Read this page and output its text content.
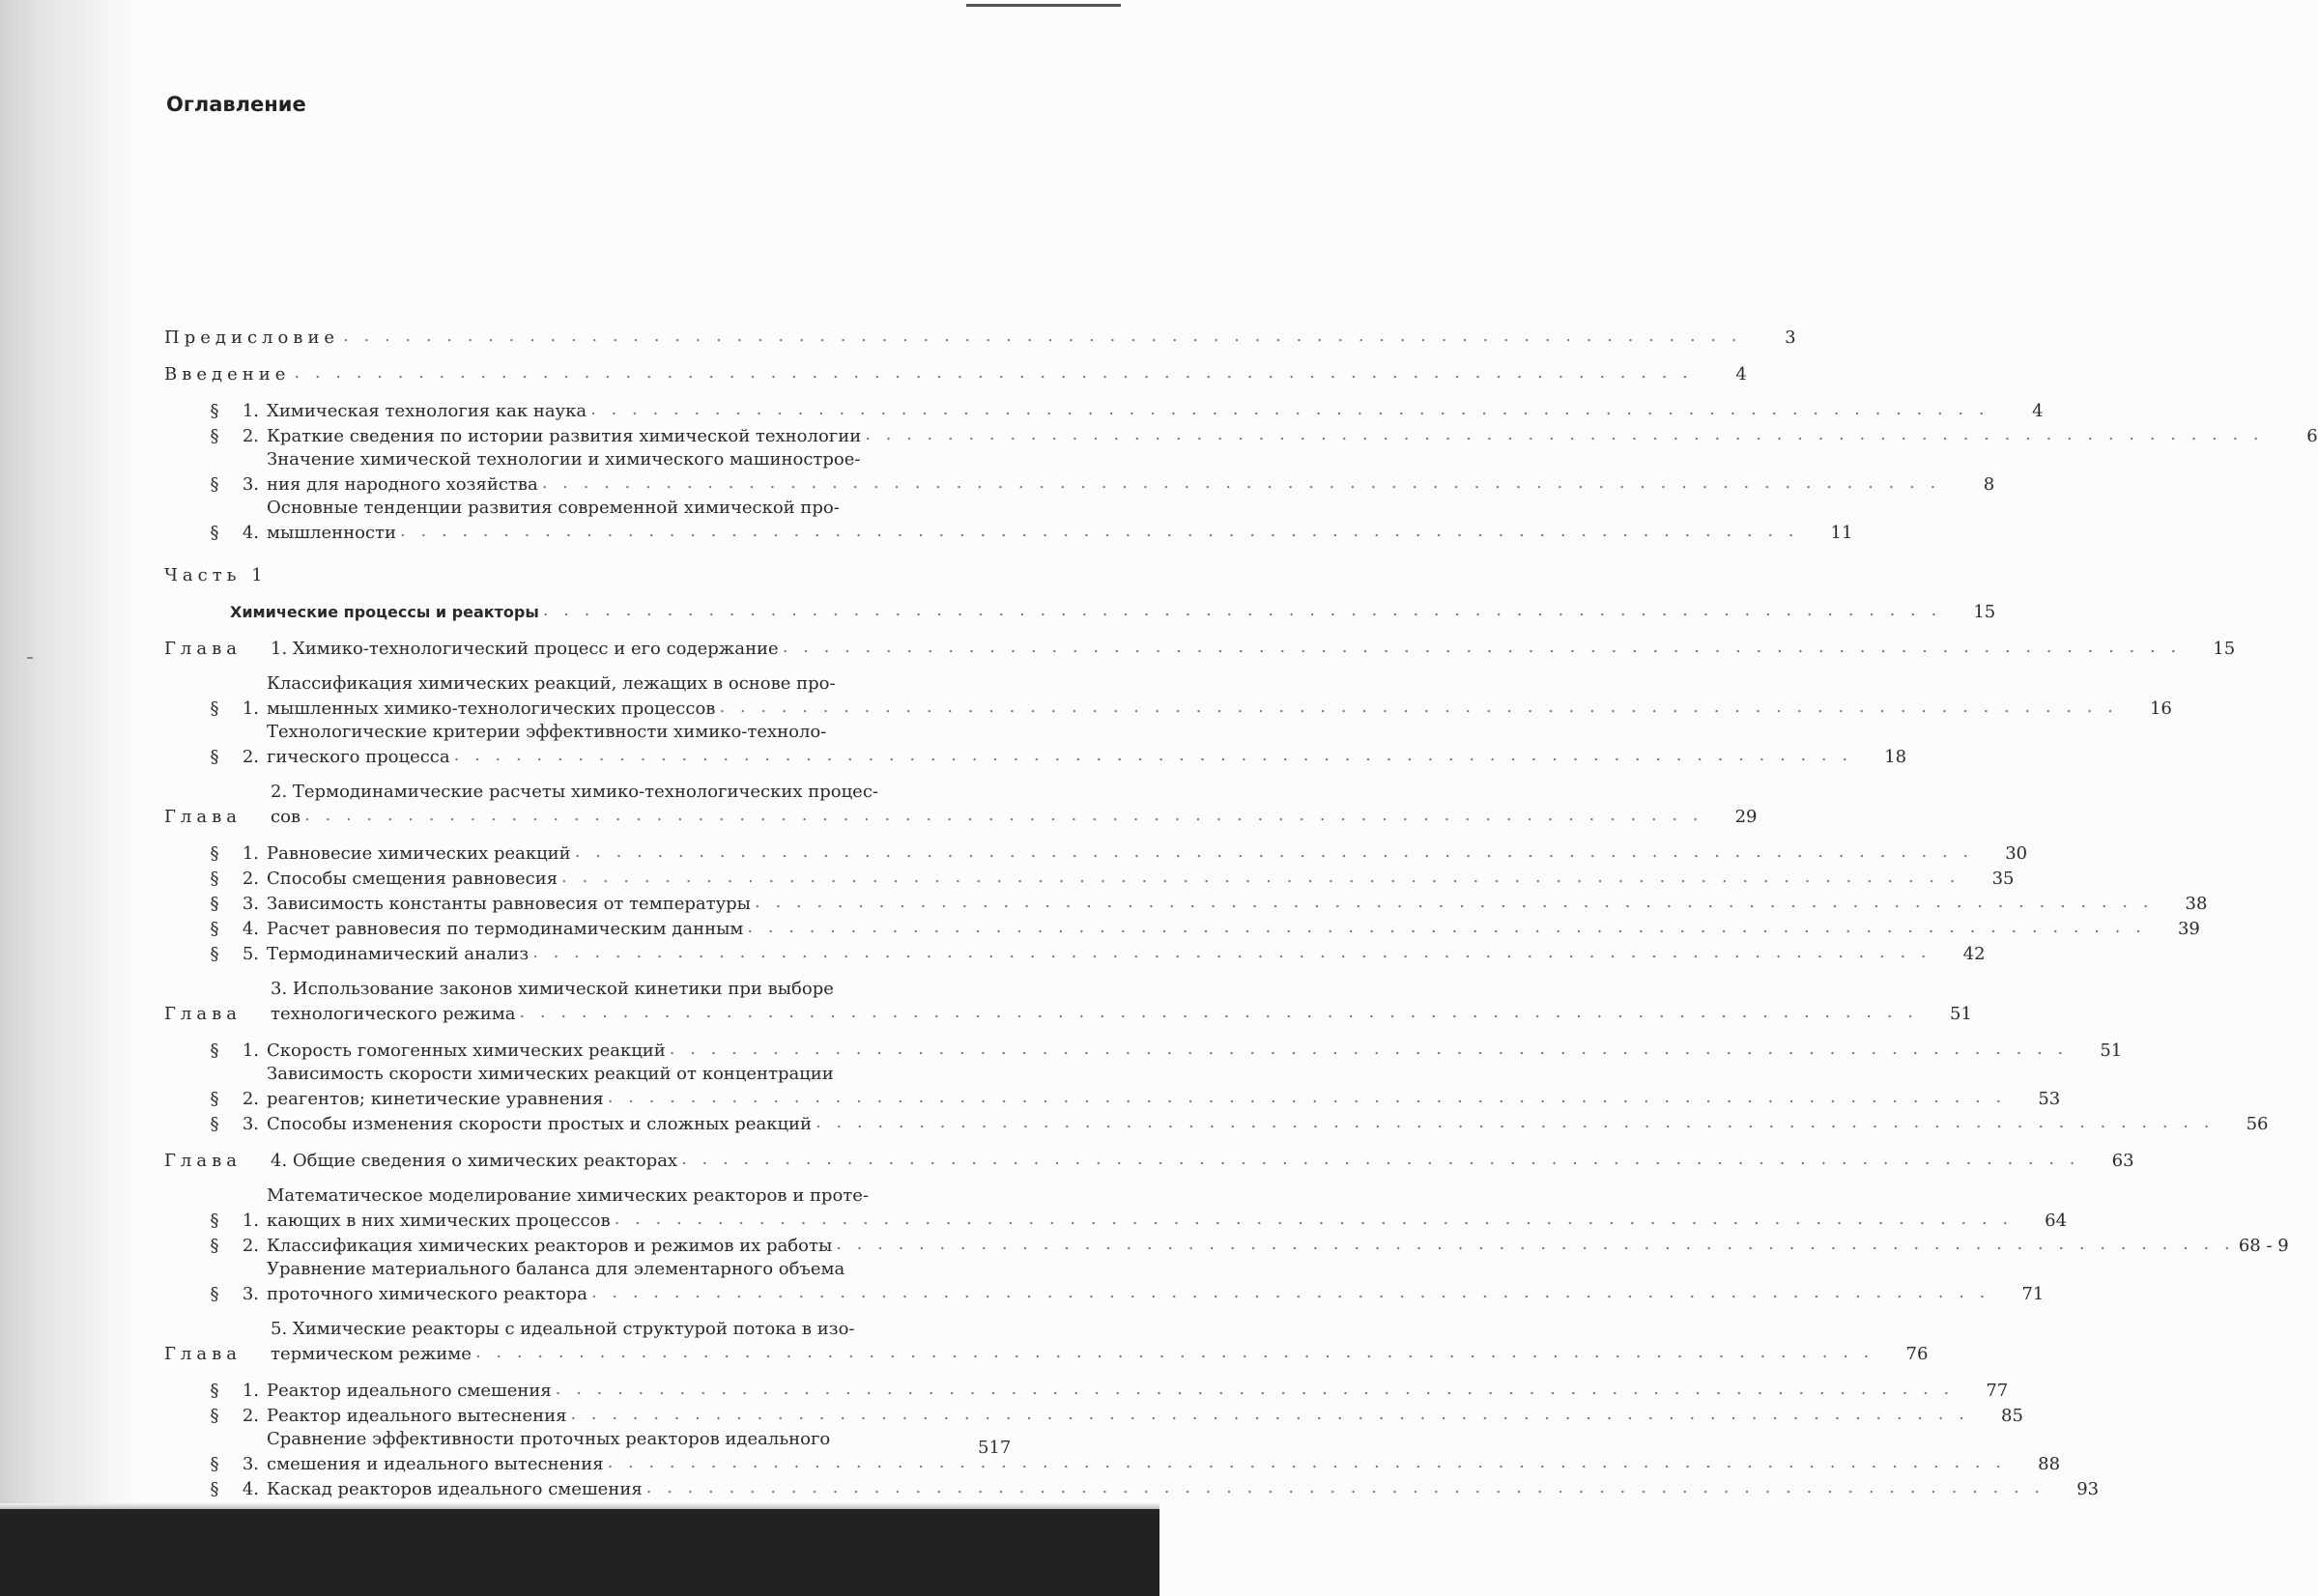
Оглавление
Предисловие . . . . . . . . . . . . . . . . . . . . . . . . . . . . . . . . . . . . . . . . . . . . . . . . . . . . . . . . . . . . . . . . . . . .	3
Введение . . . . . . . . . . . . . . . . . . . . . . . . . . . . . . . . . . . . . . . . . . . . . . . . . . . . . . . . . . . . . . . . . . . .	4
§	1. Химическая технология как наука . . . . . . . . . . . . . . . . . . . . . . . . . . . . . . . . . . . . . . . . . . . . . . . . . . . . . . . . . . . . . . . . . . . .	4
§	2. Краткие сведения по истории развития химической технологии . . . . . . . . . . . . . . . . . . . . . . . . . . . . . . . . . . . . . . . . . . . . . . . . . . . . . . . . . . . . . . . . . . . .	6
§	3.
Значение химической технологии и химического машинострое-
ния для народного хозяйства . . . . . . . . . . . . . . . . . . . . . . . . . . . . . . . . . . . . . . . . . . . . . . . . . . . . . . . . . . . . . . . . . . . .	8
§	4.
Основные тенденции развития современной химической про-
мышленности . . . . . . . . . . . . . . . . . . . . . . . . . . . . . . . . . . . . . . . . . . . . . . . . . . . . . . . . . . . . . . . . . . . .	11
Часть 1
Химические процессы и реакторы . . . . . . . . . . . . . . . . . . . . . . . . . . . . . . . . . . . . . . . . . . . . . . . . . . . . . . . . . . . . . . . . . . . .	15
Глава	1. Химико-технологический процесс и его содержание . . . . . . . . . . . . . . . . . . . . . . . . . . . . . . . . . . . . . . . . . . . . . . . . . . . . . . . . . . . . . . . . . . . .	15
§	1.
Классификация химических реакций, лежащих в основе про-
мышленных химико-технологических процессов . . . . . . . . . . . . . . . . . . . . . . . . . . . . . . . . . . . . . . . . . . . . . . . . . . . . . . . . . . . . . . . . . . . .	16
§	2.
Технологические критерии эффективности химико-техноло-
гического процесса . . . . . . . . . . . . . . . . . . . . . . . . . . . . . . . . . . . . . . . . . . . . . . . . . . . . . . . . . . . . . . . . . . . .	18
Глава
2. Термодинамические расчеты химико-технологических процес-
сов . . . . . . . . . . . . . . . . . . . . . . . . . . . . . . . . . . . . . . . . . . . . . . . . . . . . . . . . . . . . . . . . . . . .	29
§	1. Равновесие химических реакций . . . . . . . . . . . . . . . . . . . . . . . . . . . . . . . . . . . . . . . . . . . . . . . . . . . . . . . . . . . . . . . . . . . .	30
§	2. Способы смещения равновесия . . . . . . . . . . . . . . . . . . . . . . . . . . . . . . . . . . . . . . . . . . . . . . . . . . . . . . . . . . . . . . . . . . . .	35
§	3. Зависимость константы равновесия от температуры . . . . . . . . . . . . . . . . . . . . . . . . . . . . . . . . . . . . . . . . . . . . . . . . . . . . . . . . . . . . . . . . . . . .	38
§	4. Расчет равновесия по термодинамическим данным . . . . . . . . . . . . . . . . . . . . . . . . . . . . . . . . . . . . . . . . . . . . . . . . . . . . . . . . . . . . . . . . . . . .	39
§	5. Термодинамический анализ . . . . . . . . . . . . . . . . . . . . . . . . . . . . . . . . . . . . . . . . . . . . . . . . . . . . . . . . . . . . . . . . . . . .	42
Глава
3. Использование законов химической кинетики при выборе
технологического режима . . . . . . . . . . . . . . . . . . . . . . . . . . . . . . . . . . . . . . . . . . . . . . . . . . . . . . . . . . . . . . . . . . . .	51
§	1. Скорость гомогенных химических реакций . . . . . . . . . . . . . . . . . . . . . . . . . . . . . . . . . . . . . . . . . . . . . . . . . . . . . . . . . . . . . . . . . . . .	51
§	2.
Зависимость скорости химических реакций от концентрации
реагентов; кинетические уравнения . . . . . . . . . . . . . . . . . . . . . . . . . . . . . . . . . . . . . . . . . . . . . . . . . . . . . . . . . . . . . . . . . . . .	53
§	3. Способы изменения скорости простых и сложных реакций . . . . . . . . . . . . . . . . . . . . . . . . . . . . . . . . . . . . . . . . . . . . . . . . . . . . . . . . . . . . . . . . . . . .	56
Глава	4. Общие сведения о химических реакторах . . . . . . . . . . . . . . . . . . . . . . . . . . . . . . . . . . . . . . . . . . . . . . . . . . . . . . . . . . . . . . . . . . . .	63
§	1.
Математическое моделирование химических реакторов и проте-
кающих в них химических процессов . . . . . . . . . . . . . . . . . . . . . . . . . . . . . . . . . . . . . . . . . . . . . . . . . . . . . . . . . . . . . . . . . . . .	64
§	2. Классификация химических реакторов и режимов их работы . . . . . . . . . . . . . . . . . . . . . . . . . . . . . . . . . . . . . . . . . . . . . . . . . . . . . . . . . . . . . . . . . . . . 68 - 9
§	3.
Уравнение материального баланса для элементарного объема
проточного химического реактора . . . . . . . . . . . . . . . . . . . . . . . . . . . . . . . . . . . . . . . . . . . . . . . . . . . . . . . . . . . . . . . . . . . .	71
Глава
5. Химические реакторы с идеальной структурой потока в изо-
термическом режиме . . . . . . . . . . . . . . . . . . . . . . . . . . . . . . . . . . . . . . . . . . . . . . . . . . . . . . . . . . . . . . . . . . . .	76
§	1. Реактор идеального смешения . . . . . . . . . . . . . . . . . . . . . . . . . . . . . . . . . . . . . . . . . . . . . . . . . . . . . . . . . . . . . . . . . . . .	77
§	2. Реактор идеального вытеснения . . . . . . . . . . . . . . . . . . . . . . . . . . . . . . . . . . . . . . . . . . . . . . . . . . . . . . . . . . . . . . . . . . . .	85
§	3.
Сравнение эффективности проточных реакторов идеального
смешения и идеального вытеснения . . . . . . . . . . . . . . . . . . . . . . . . . . . . . . . . . . . . . . . . . . . . . . . . . . . . . . . . . . . . . . . . . . . .	88
§	4. Каскад реакторов идеального смешения . . . . . . . . . . . . . . . . . . . . . . . . . . . . . . . . . . . . . . . . . . . . . . . . . . . . . . . . . . . . . . . . . . . .	93
517
